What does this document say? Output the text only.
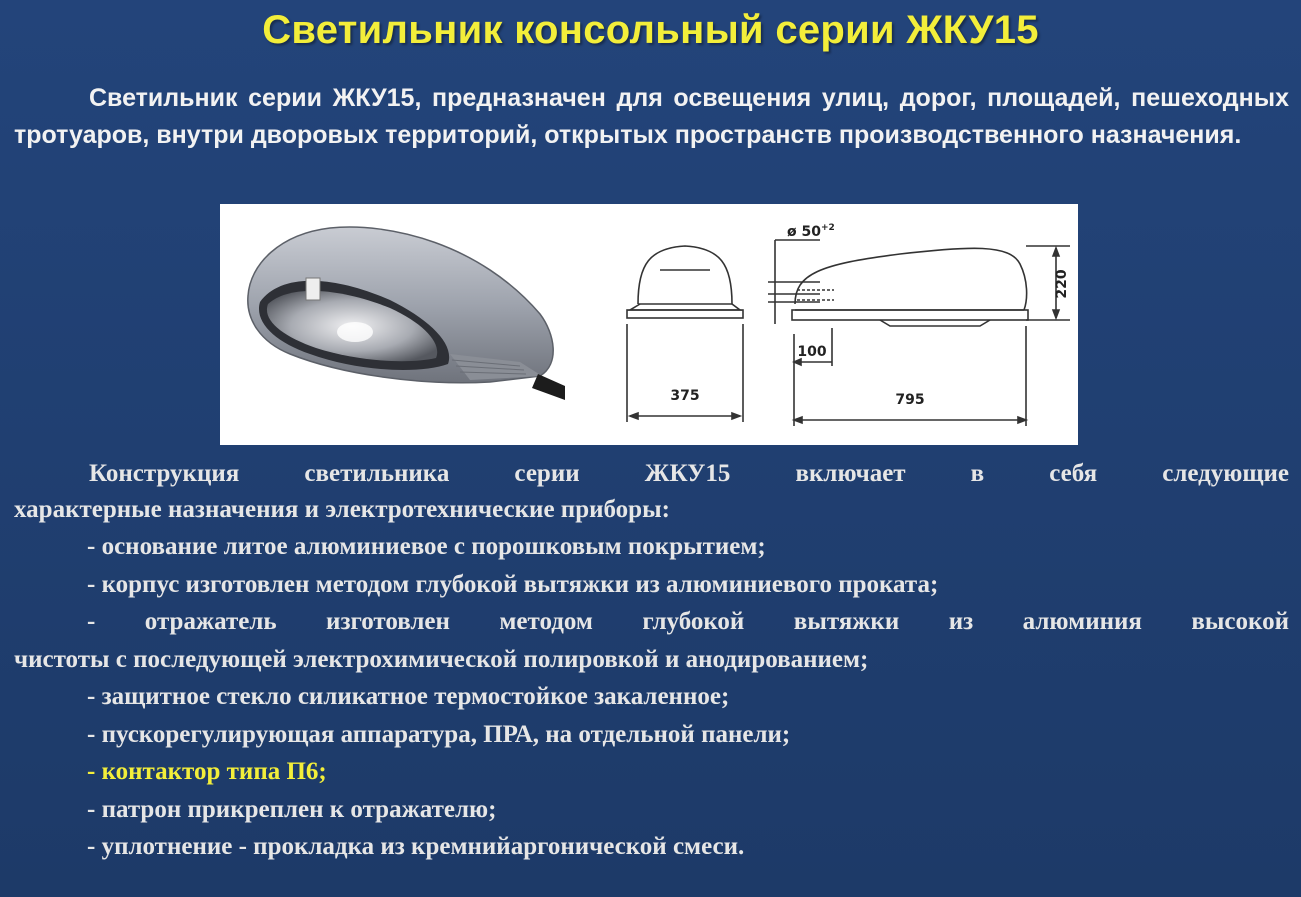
Светильник консольный серии ЖКУ15
Светильник серии ЖКУ15, предназначен для освещения улиц, дорог, площадей, пешеходных тротуаров, внутри дворовых территорий, открытых пространств производственного назначения.
ø $50^{+2}$
220
375	795
100
Конструкция светильника серии ЖКУ15 включает в себя следующие
характерные назначения и электротехнические приборы:
- основание литое алюминиевое с порошковым покрытием;
- корпус изготовлен методом глубокой вытяжки из алюминиевого проката;
- отражатель изготовлен методом глубокой вытяжки из алюминия высокой
чистоты с последующей электрохимической полировкой и анодированием;
- защитное стекло силикатное термостойкое закаленное;
- пускорегулирующая аппаратура, ПРА, на отдельной панели;
- контактор типа П6;
- патрон прикреплен к отражателю;
- уплотнение - прокладка из кремнийаргонической смеси.
